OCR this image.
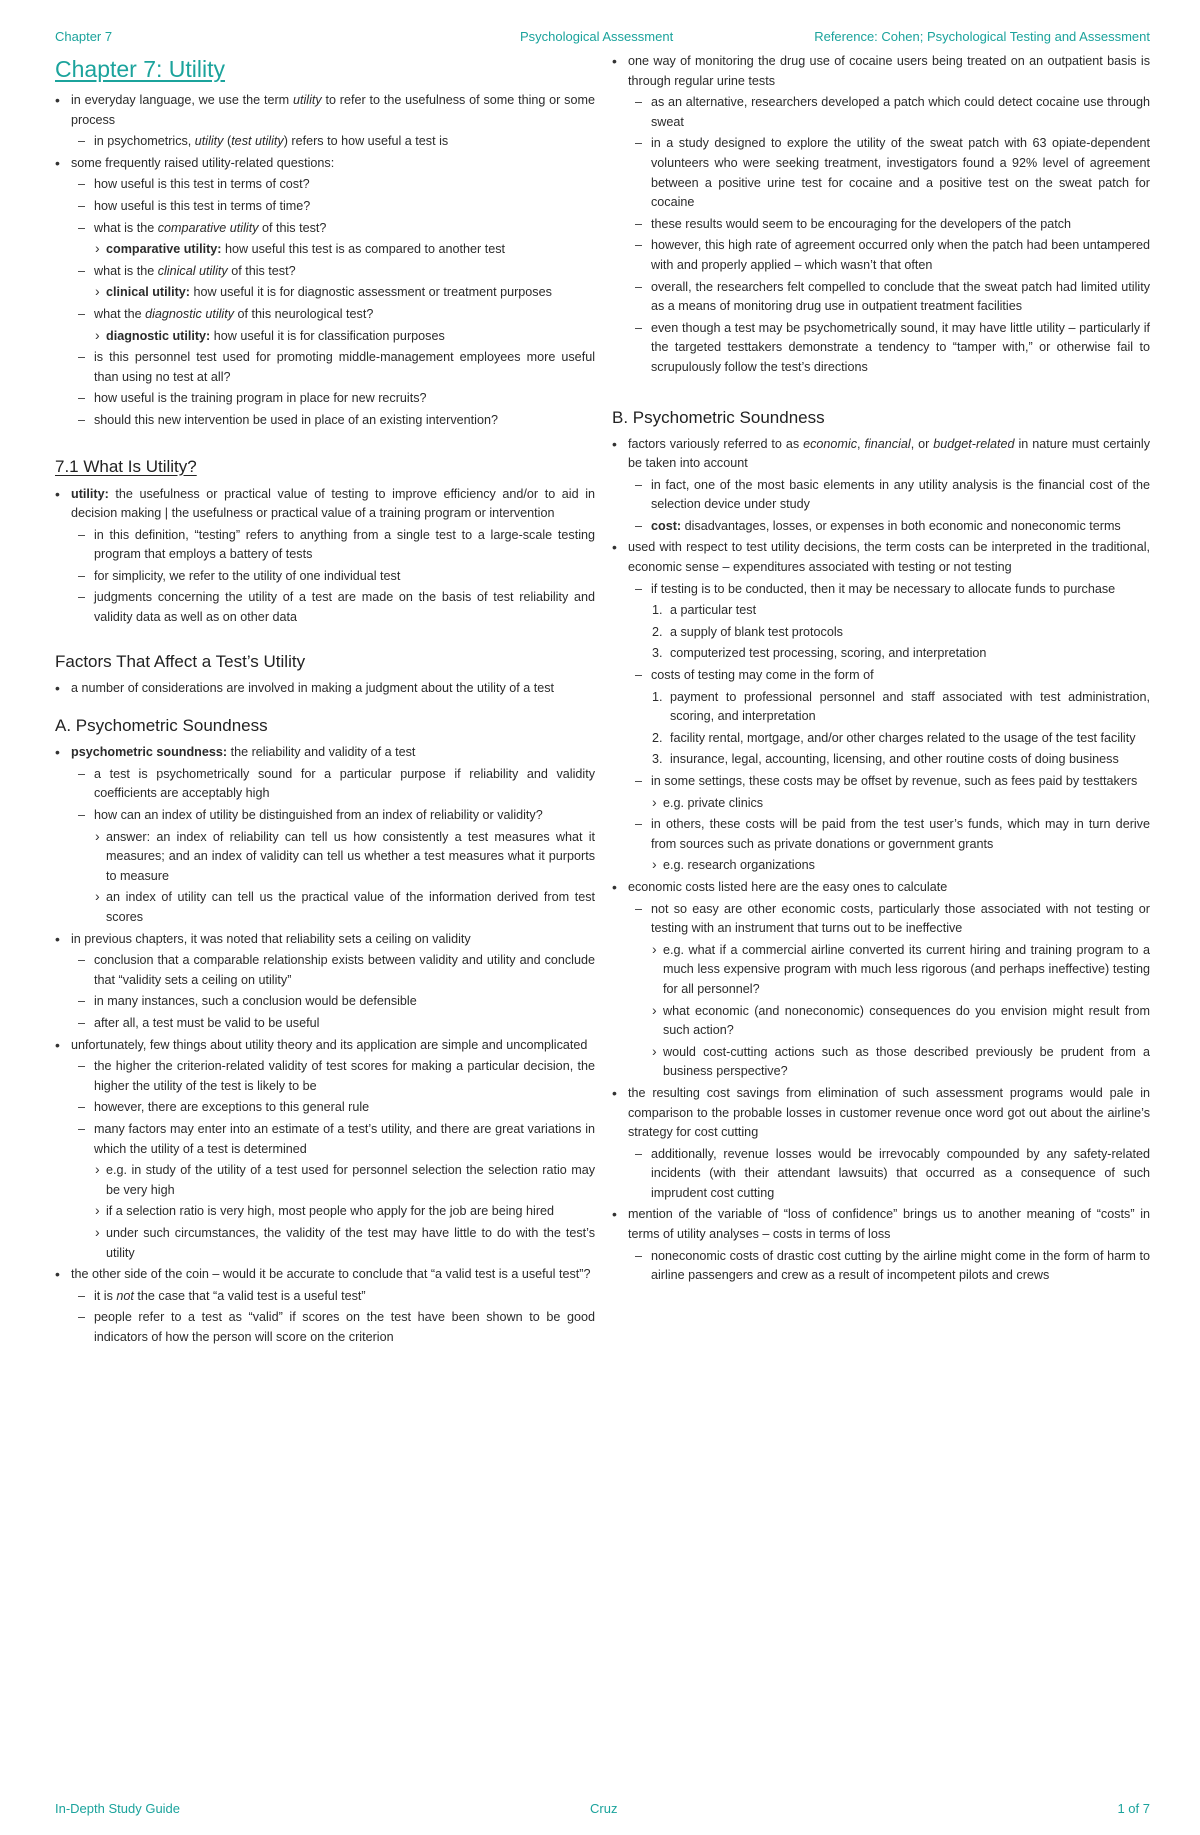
Chapter 7	Psychological Assessment	Reference: Cohen; Psychological Testing and Assessment
Chapter 7: Utility
• in everyday language, we use the term utility to refer to the usefulness of some thing or some process
– in psychometrics, utility (test utility) refers to how useful a test is
• some frequently raised utility-related questions:
– how useful is this test in terms of cost?
– how useful is this test in terms of time?
– what is the comparative utility of this test?
› comparative utility: how useful this test is as compared to another test
– what is the clinical utility of this test?
› clinical utility: how useful it is for diagnostic assessment or treatment purposes
– what the diagnostic utility of this neurological test?
› diagnostic utility: how useful it is for classification purposes
– is this personnel test used for promoting middle-management employees more useful than using no test at all?
– how useful is the training program in place for new recruits?
– should this new intervention be used in place of an existing intervention?
7.1 What Is Utility?
• utility: the usefulness or practical value of testing to improve efficiency and/or to aid in decision making | the usefulness or practical value of a training program or intervention
– in this definition, “testing” refers to anything from a single test to a large-scale testing program that employs a battery of tests
– for simplicity, we refer to the utility of one individual test
– judgments concerning the utility of a test are made on the basis of test reliability and validity data as well as on other data
Factors That Affect a Test’s Utility
• a number of considerations are involved in making a judgment about the utility of a test
A. Psychometric Soundness
• psychometric soundness: the reliability and validity of a test
– a test is psychometrically sound for a particular purpose if reliability and validity coefficients are acceptably high
– how can an index of utility be distinguished from an index of reliability or validity?
› answer: an index of reliability can tell us how consistently a test measures what it measures; and an index of validity can tell us whether a test measures what it purports to measure
› an index of utility can tell us the practical value of the information derived from test scores
• in previous chapters, it was noted that reliability sets a ceiling on validity
– conclusion that a comparable relationship exists between validity and utility and conclude that “validity sets a ceiling on utility”
– in many instances, such a conclusion would be defensible
– after all, a test must be valid to be useful
• unfortunately, few things about utility theory and its application are simple and uncomplicated
– the higher the criterion-related validity of test scores for making a particular decision, the higher the utility of the test is likely to be
– however, there are exceptions to this general rule
– many factors may enter into an estimate of a test’s utility, and there are great variations in which the utility of a test is determined
› e.g. in study of the utility of a test used for personnel selection the selection ratio may be very high
› if a selection ratio is very high, most people who apply for the job are being hired
› under such circumstances, the validity of the test may have little to do with the test’s utility
• the other side of the coin – would it be accurate to conclude that “a valid test is a useful test”?
– it is not the case that “a valid test is a useful test”
– people refer to a test as “valid” if scores on the test have been shown to be good indicators of how the person will score on the criterion
• one way of monitoring the drug use of cocaine users being treated on an outpatient basis is through regular urine tests
– as an alternative, researchers developed a patch which could detect cocaine use through sweat
– in a study designed to explore the utility of the sweat patch with 63 opiate-dependent volunteers who were seeking treatment, investigators found a 92% level of agreement between a positive urine test for cocaine and a positive test on the sweat patch for cocaine
– these results would seem to be encouraging for the developers of the patch
– however, this high rate of agreement occurred only when the patch had been untampered with and properly applied – which wasn’t that often
– overall, the researchers felt compelled to conclude that the sweat patch had limited utility as a means of monitoring drug use in outpatient treatment facilities
– even though a test may be psychometrically sound, it may have little utility – particularly if the targeted testtakers demonstrate a tendency to “tamper with,” or otherwise fail to scrupulously follow the test’s directions
B. Psychometric Soundness
• factors variously referred to as economic, financial, or budget-related in nature must certainly be taken into account
– in fact, one of the most basic elements in any utility analysis is the financial cost of the selection device under study
– cost: disadvantages, losses, or expenses in both economic and noneconomic terms
• used with respect to test utility decisions, the term costs can be interpreted in the traditional, economic sense – expenditures associated with testing or not testing
– if testing is to be conducted, then it may be necessary to allocate funds to purchase
1. a particular test
2. a supply of blank test protocols
3. computerized test processing, scoring, and interpretation
– costs of testing may come in the form of
1. payment to professional personnel and staff associated with test administration, scoring, and interpretation
2. facility rental, mortgage, and/or other charges related to the usage of the test facility
3. insurance, legal, accounting, licensing, and other routine costs of doing business
– in some settings, these costs may be offset by revenue, such as fees paid by testtakers
› e.g. private clinics
– in others, these costs will be paid from the test user’s funds, which may in turn derive from sources such as private donations or government grants
› e.g. research organizations
• economic costs listed here are the easy ones to calculate
– not so easy are other economic costs, particularly those associated with not testing or testing with an instrument that turns out to be ineffective
› e.g. what if a commercial airline converted its current hiring and training program to a much less expensive program with much less rigorous (and perhaps ineffective) testing for all personnel?
› what economic (and noneconomic) consequences do you envision might result from such action?
› would cost-cutting actions such as those described previously be prudent from a business perspective?
• the resulting cost savings from elimination of such assessment programs would pale in comparison to the probable losses in customer revenue once word got out about the airline’s strategy for cost cutting
– additionally, revenue losses would be irrevocably compounded by any safety-related incidents (with their attendant lawsuits) that occurred as a consequence of such imprudent cost cutting
• mention of the variable of “loss of confidence” brings us to another meaning of “costs” in terms of utility analyses – costs in terms of loss
– noneconomic costs of drastic cost cutting by the airline might come in the form of harm to airline passengers and crew as a result of incompetent pilots and crews
In-Depth Study Guide	Cruz	1 of 7
